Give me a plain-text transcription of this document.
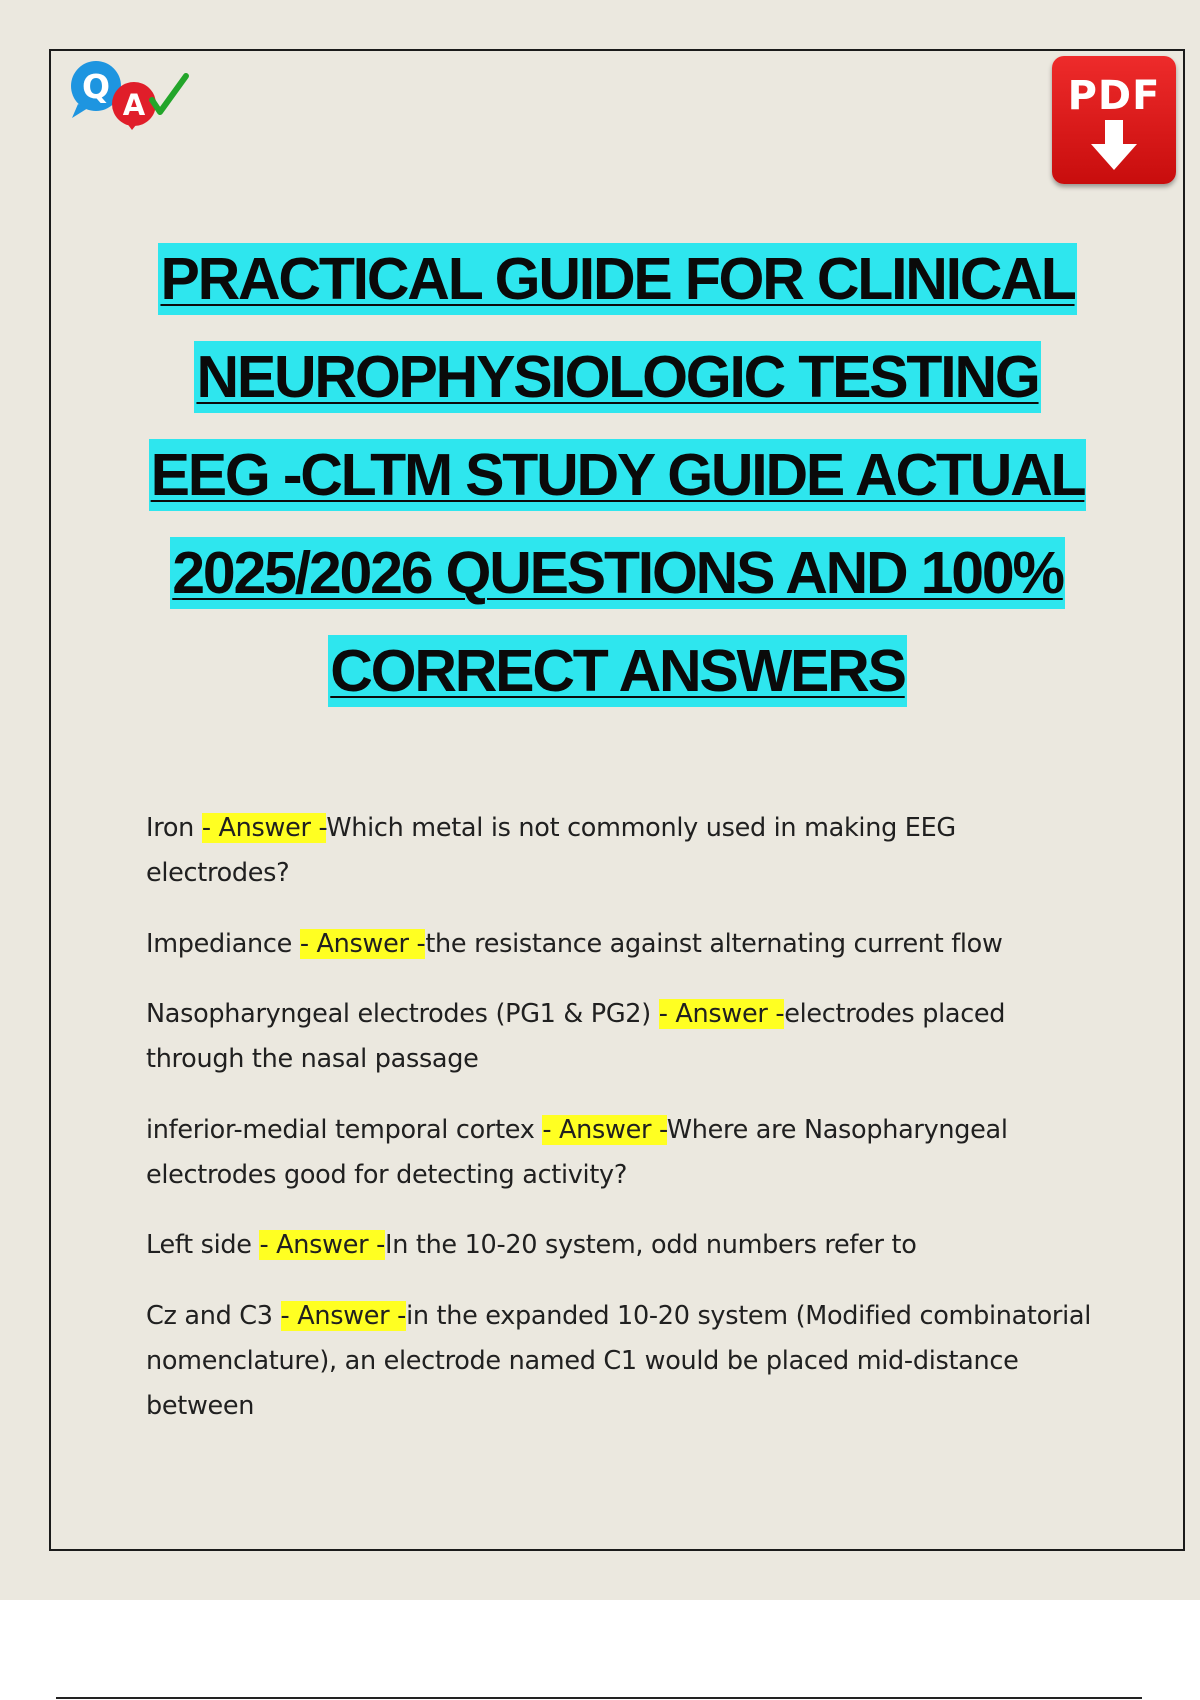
Q A	PDF
PRACTICAL GUIDE FOR CLINICAL
NEUROPHYSIOLOGIC TESTING
EEG -CLTM STUDY GUIDE ACTUAL
2025/2026 QUESTIONS AND 100%
CORRECT ANSWERS

Iron - Answer -Which metal is not commonly used in making EEG electrodes?

Impediance - Answer -the resistance against alternating current flow

Nasopharyngeal electrodes (PG1 & PG2) - Answer -electrodes placed through the nasal passage

inferior-medial temporal cortex - Answer -Where are Nasopharyngeal electrodes good for detecting activity?

Left side - Answer -In the 10-20 system, odd numbers refer to

Cz and C3 - Answer -in the expanded 10-20 system (Modified combinatorial nomenclature), an electrode named C1 would be placed mid-distance between
